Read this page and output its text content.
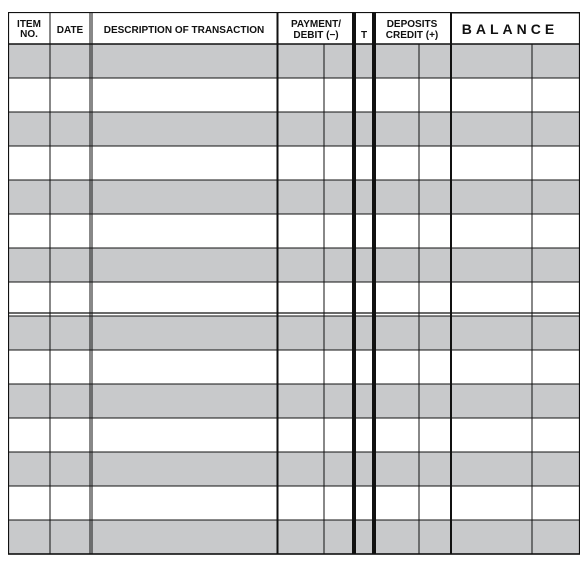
ITEM
NO. DATE DESCRIPTION OF TRANSACTION
PAYMENT/
DEBIT (−) T
DEPOSITS
CREDIT (+) BALANCE
